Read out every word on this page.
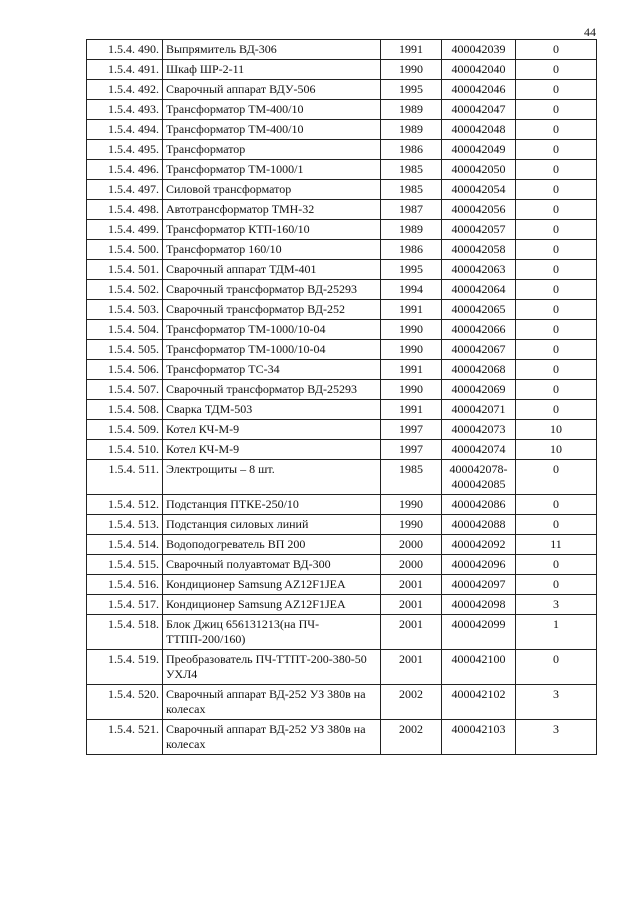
44
1.5.4. 490.	Выпрямитель ВД-306	1991	400042039	0
1.5.4. 491.	Шкаф ШР-2-11	1990	400042040	0
1.5.4. 492.	Сварочный аппарат ВДУ-506	1995	400042046	0
1.5.4. 493.	Трансформатор ТМ-400/10	1989	400042047	0
1.5.4. 494.	Трансформатор ТМ-400/10	1989	400042048	0
1.5.4. 495.	Трансформатор	1986	400042049	0
1.5.4. 496.	Трансформатор ТМ-1000/1	1985	400042050	0
1.5.4. 497.	Силовой трансформатор	1985	400042054	0
1.5.4. 498.	Автотрансформатор ТМН-32	1987	400042056	0
1.5.4. 499.	Трансформатор КТП-160/10	1989	400042057	0
1.5.4. 500.	Трансформатор 160/10	1986	400042058	0
1.5.4. 501.	Сварочный аппарат ТДМ-401	1995	400042063	0
1.5.4. 502.	Сварочный трансформатор ВД-25293	1994	400042064	0
1.5.4. 503.	Сварочный трансформатор ВД-252	1991	400042065	0
1.5.4. 504.	Трансформатор ТМ-1000/10-04	1990	400042066	0
1.5.4. 505.	Трансформатор ТМ-1000/10-04	1990	400042067	0
1.5.4. 506.	Трансформатор ТС-34	1991	400042068	0
1.5.4. 507.	Сварочный трансформатор ВД-25293	1990	400042069	0
1.5.4. 508.	Сварка ТДМ-503	1991	400042071	0
1.5.4. 509.	Котел КЧ-М-9	1997	400042073	10
1.5.4. 510.	Котел КЧ-М-9	1997	400042074	10
1.5.4. 511.	Электрощиты – 8 шт.	1985	400042078-
400042085	0
1.5.4. 512.	Подстанция ПТКЕ-250/10	1990	400042086	0
1.5.4. 513.	Подстанция силовых линий	1990	400042088	0
1.5.4. 514.	Водоподогреватель ВП 200	2000	400042092	11
1.5.4. 515.	Сварочный полуавтомат ВД-300	2000	400042096	0
1.5.4. 516.	Кондиционер Samsung AZ12F1JEA	2001	400042097	0
1.5.4. 517.	Кондиционер Samsung AZ12F1JEA	2001	400042098	3
1.5.4. 518.	Блок Джиц 656131213(на ПЧ-ТТПП-200/160)	2001	400042099	1
1.5.4. 519.	Преобразователь ПЧ-ТТПТ-200-380-50 УХЛ4	2001	400042100	0
1.5.4. 520.	Сварочный аппарат ВД-252 УЗ 380в на колесах	2002	400042102	3
1.5.4. 521.	Сварочный аппарат ВД-252 УЗ 380в на колесах	2002	400042103	3
